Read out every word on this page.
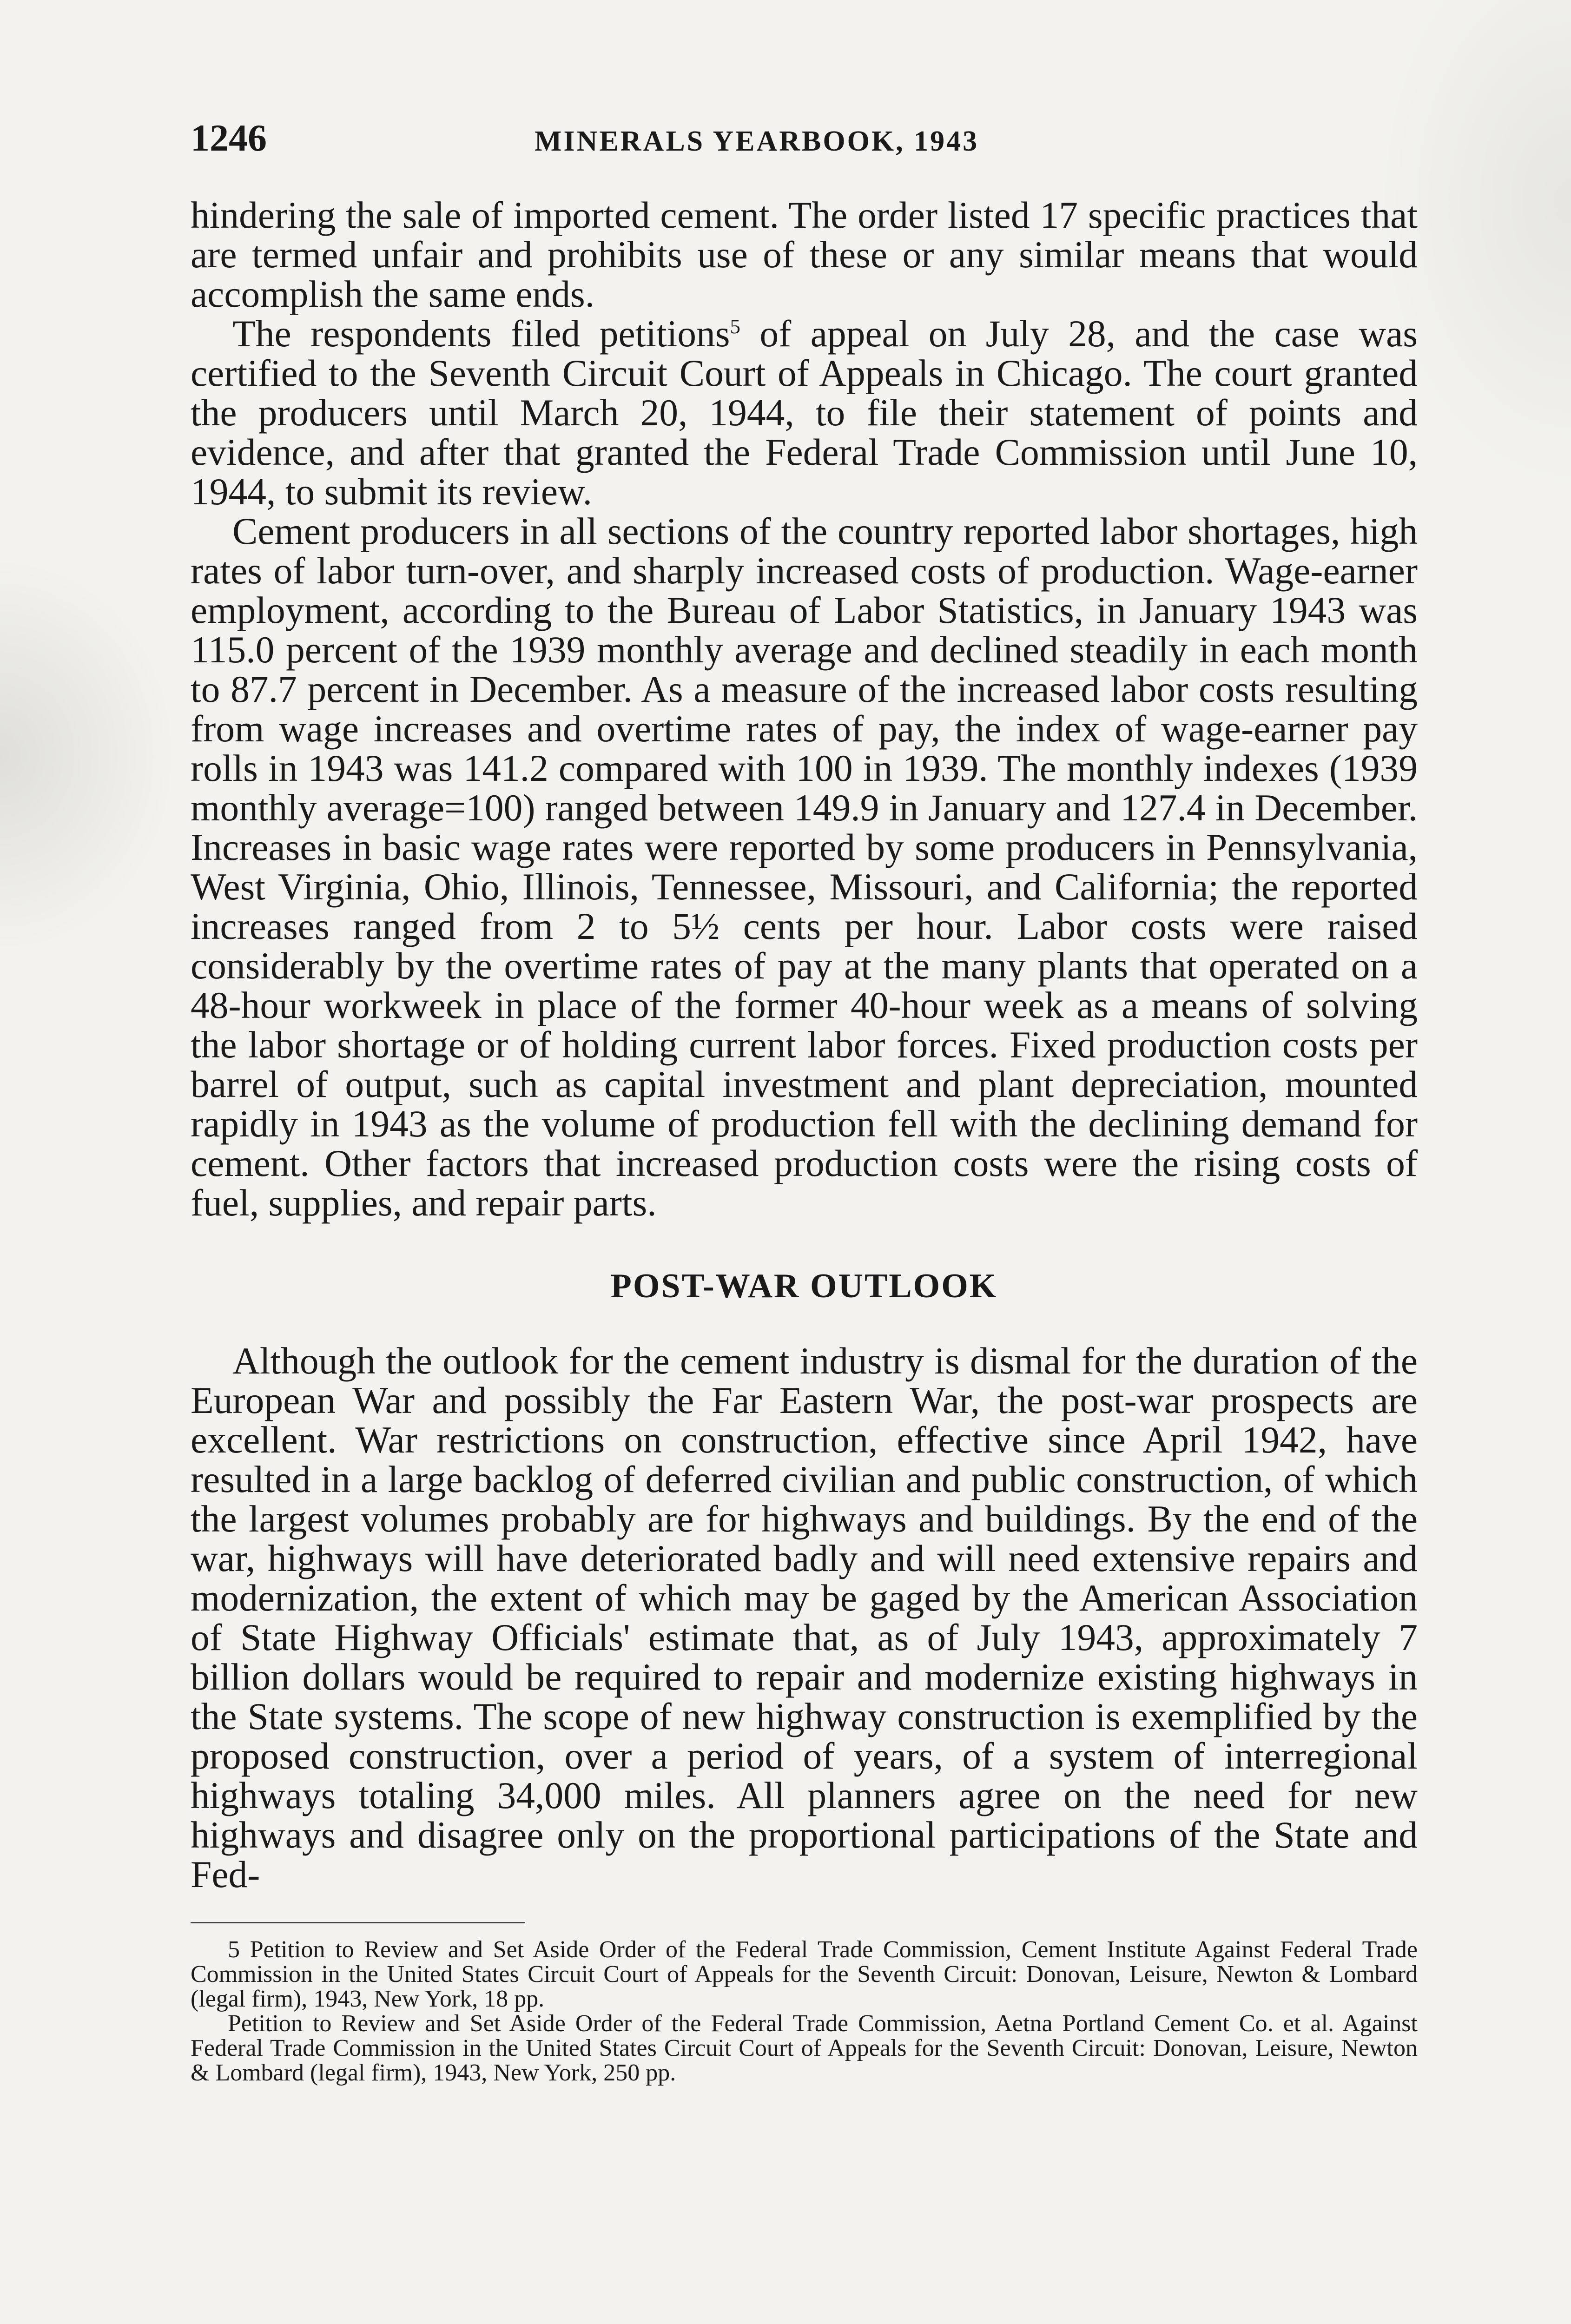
1246	MINERALS YEARBOOK, 1943

hindering the sale of imported cement. The order listed 17 specific practices that are termed unfair and prohibits use of these or any similar means that would accomplish the same ends.

The respondents filed petitions$^5$ of appeal on July 28, and the case was certified to the Seventh Circuit Court of Appeals in Chicago. The court granted the producers until March 20, 1944, to file their statement of points and evidence, and after that granted the Federal Trade Commission until June 10, 1944, to submit its review.

Cement producers in all sections of the country reported labor shortages, high rates of labor turn-over, and sharply increased costs of production. Wage-earner employment, according to the Bureau of Labor Statistics, in January 1943 was 115.0 percent of the 1939 monthly average and declined steadily in each month to 87.7 percent in December. As a measure of the increased labor costs resulting from wage increases and overtime rates of pay, the index of wage-earner pay rolls in 1943 was 141.2 compared with 100 in 1939. The monthly indexes (1939 monthly average=100) ranged between 149.9 in January and 127.4 in December. Increases in basic wage rates were reported by some producers in Pennsylvania, West Virginia, Ohio, Illinois, Tennessee, Missouri, and California; the reported increases ranged from 2 to 5½ cents per hour. Labor costs were raised considerably by the overtime rates of pay at the many plants that operated on a 48-hour workweek in place of the former 40-hour week as a means of solving the labor shortage or of holding current labor forces. Fixed production costs per barrel of output, such as capital investment and plant depreciation, mounted rapidly in 1943 as the volume of production fell with the declining demand for cement. Other factors that increased production costs were the rising costs of fuel, supplies, and repair parts.

POST-WAR OUTLOOK

Although the outlook for the cement industry is dismal for the duration of the European War and possibly the Far Eastern War, the post-war prospects are excellent. War restrictions on construction, effective since April 1942, have resulted in a large backlog of deferred civilian and public construction, of which the largest volumes probably are for highways and buildings. By the end of the war, highways will have deteriorated badly and will need extensive repairs and modernization, the extent of which may be gaged by the American Association of State Highway Officials' estimate that, as of July 1943, approximately 7 billion dollars would be required to repair and modernize existing highways in the State systems. The scope of new highway construction is exemplified by the proposed construction, over a period of years, of a system of interregional highways totaling 34,000 miles. All planners agree on the need for new highways and disagree only on the proportional participations of the State and Fed-

5 Petition to Review and Set Aside Order of the Federal Trade Commission, Cement Institute Against Federal Trade Commission in the United States Circuit Court of Appeals for the Seventh Circuit: Donovan, Leisure, Newton & Lombard (legal firm), 1943, New York, 18 pp.

Petition to Review and Set Aside Order of the Federal Trade Commission, Aetna Portland Cement Co. et al. Against Federal Trade Commission in the United States Circuit Court of Appeals for the Seventh Circuit: Donovan, Leisure, Newton & Lombard (legal firm), 1943, New York, 250 pp.
